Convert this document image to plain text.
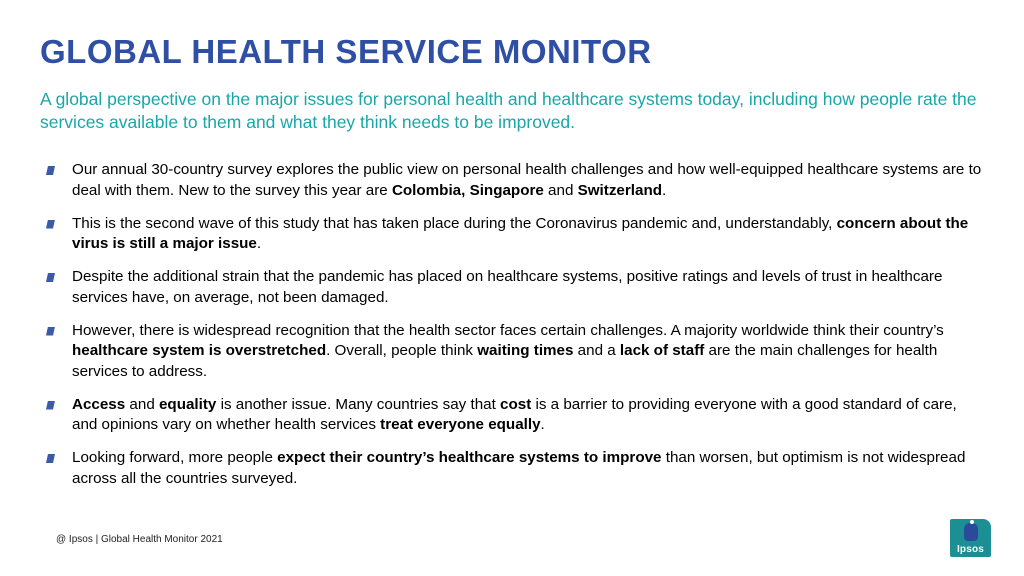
GLOBAL HEALTH SERVICE MONITOR

A global perspective on the major issues for personal health and healthcare systems today, including how people rate the services available to them and what they think needs to be improved.

Our annual 30-country survey explores the public view on personal health challenges and how well-equipped healthcare systems are to deal with them. New to the survey this year are Colombia, Singapore and Switzerland.
This is the second wave of this study that has taken place during the Coronavirus pandemic and, understandably, concern about the virus is still a major issue.
Despite the additional strain that the pandemic has placed on healthcare systems, positive ratings and levels of trust in healthcare services have, on average, not been damaged.
However, there is widespread recognition that the health sector faces certain challenges. A majority worldwide think their country’s healthcare system is overstretched. Overall, people think waiting times and a lack of staff are the main challenges for health services to address.
Access and equality is another issue. Many countries say that cost is a barrier to providing everyone with a good standard of care, and opinions vary on whether health services treat everyone equally.
Looking forward, more people expect their country’s healthcare systems to improve than worsen, but optimism is not widespread across all the countries surveyed.
@ Ipsos | Global Health Monitor 2021
Ipsos
